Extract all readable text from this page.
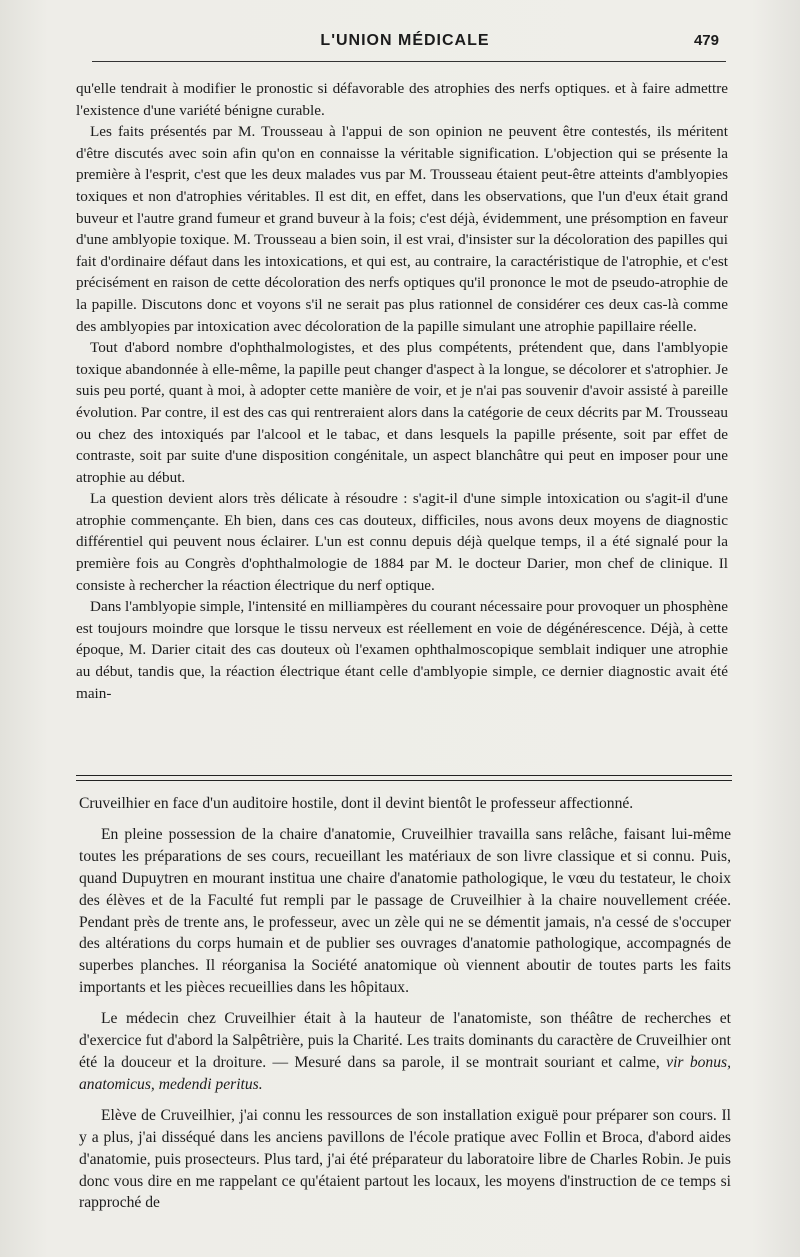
L'UNION MÉDICALE	479

qu'elle tendrait à modifier le pronostic si défavorable des atrophies des nerfs optiques. et à faire admettre l'existence d'une variété bénigne curable.

Les faits présentés par M. Trousseau à l'appui de son opinion ne peuvent être contestés, ils méritent d'être discutés avec soin afin qu'on en connaisse la véritable signification. L'objection qui se présente la première à l'esprit, c'est que les deux malades vus par M. Trousseau étaient peut-être atteints d'amblyopies toxiques et non d'atrophies véritables. Il est dit, en effet, dans les observations, que l'un d'eux était grand buveur et l'autre grand fumeur et grand buveur à la fois; c'est déjà, évidemment, une présomption en faveur d'une amblyopie toxique. M. Trousseau a bien soin, il est vrai, d'insister sur la décoloration des papilles qui fait d'ordinaire défaut dans les intoxications, et qui est, au contraire, la caractéristique de l'atrophie, et c'est précisément en raison de cette décoloration des nerfs optiques qu'il prononce le mot de pseudo-atrophie de la papille. Discutons donc et voyons s'il ne serait pas plus rationnel de considérer ces deux cas-là comme des amblyopies par intoxication avec décoloration de la papille simulant une atrophie papillaire réelle.

Tout d'abord nombre d'ophthalmologistes, et des plus compétents, prétendent que, dans l'amblyopie toxique abandonnée à elle-même, la papille peut changer d'aspect à la longue, se décolorer et s'atrophier. Je suis peu porté, quant à moi, à adopter cette manière de voir, et je n'ai pas souvenir d'avoir assisté à pareille évolution. Par contre, il est des cas qui rentreraient alors dans la catégorie de ceux décrits par M. Trousseau ou chez des intoxiqués par l'alcool et le tabac, et dans lesquels la papille présente, soit par effet de contraste, soit par suite d'une disposition congénitale, un aspect blanchâtre qui peut en imposer pour une atrophie au début.

La question devient alors très délicate à résoudre : s'agit-il d'une simple intoxication ou s'agit-il d'une atrophie commençante. Eh bien, dans ces cas douteux, difficiles, nous avons deux moyens de diagnostic différentiel qui peuvent nous éclairer. L'un est connu depuis déjà quelque temps, il a été signalé pour la première fois au Congrès d'ophthalmologie de 1884 par M. le docteur Darier, mon chef de clinique. Il consiste à rechercher la réaction électrique du nerf optique.

Dans l'amblyopie simple, l'intensité en milliampères du courant nécessaire pour provoquer un phosphène est toujours moindre que lorsque le tissu nerveux est réellement en voie de dégénérescence. Déjà, à cette époque, M. Darier citait des cas douteux où l'examen ophthalmoscopique semblait indiquer une atrophie au début, tandis que, la réaction électrique étant celle d'amblyopie simple, ce dernier diagnostic avait été main-

Cruveilhier en face d'un auditoire hostile, dont il devint bientôt le professeur affectionné.

En pleine possession de la chaire d'anatomie, Cruveilhier travailla sans relâche, faisant lui-même toutes les préparations de ses cours, recueillant les matériaux de son livre classique et si connu. Puis, quand Dupuytren en mourant institua une chaire d'anatomie pathologique, le vœu du testateur, le choix des élèves et de la Faculté fut rempli par le passage de Cruveilhier à la chaire nouvellement créée. Pendant près de trente ans, le professeur, avec un zèle qui ne se démentit jamais, n'a cessé de s'occuper des altérations du corps humain et de publier ses ouvrages d'anatomie pathologique, accompagnés de superbes planches. Il réorganisa la Société anatomique où viennent aboutir de toutes parts les faits importants et les pièces recueillies dans les hôpitaux.

Le médecin chez Cruveilhier était à la hauteur de l'anatomiste, son théâtre de recherches et d'exercice fut d'abord la Salpêtrière, puis la Charité. Les traits dominants du caractère de Cruveilhier ont été la douceur et la droiture. — Mesuré dans sa parole, il se montrait souriant et calme, vir bonus, anatomicus, medendi peritus.

Elève de Cruveilhier, j'ai connu les ressources de son installation exiguë pour préparer son cours. Il y a plus, j'ai disséqué dans les anciens pavillons de l'école pratique avec Follin et Broca, d'abord aides d'anatomie, puis prosecteurs. Plus tard, j'ai été préparateur du laboratoire libre de Charles Robin. Je puis donc vous dire en me rappelant ce qu'étaient partout les locaux, les moyens d'instruction de ce temps si rapproché de
